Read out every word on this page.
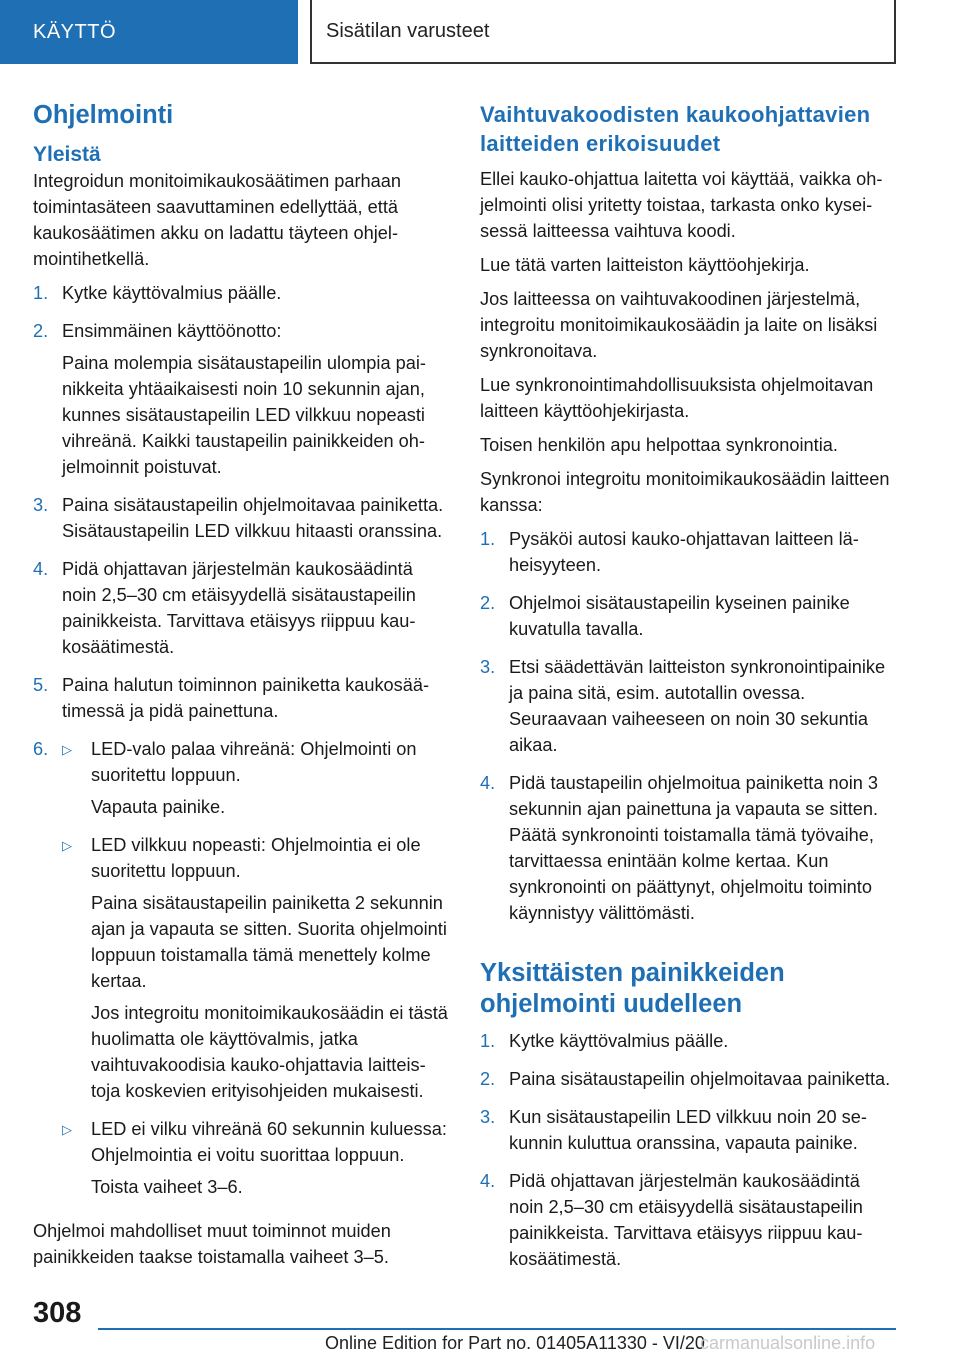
KÄYTTÖ	Sisätilan varusteet
Ohjelmointi
Yleistä

Integroidun monitoimikaukosäätimen parhaan toimintasäteen saavuttaminen edellyttää, että kaukosäätimen akku on ladattu täyteen ohjelmointihetkellä.

1. Kytke käyttövalmius päälle.

2. Ensimmäinen käyttöönotto:

Paina molempia sisätaustapeilin ulompia painikkeita yhtäaikaisesti noin 10 sekunnin ajan, kunnes sisätaustapeilin LED vilkkuu nopeasti vihreänä. Kaikki taustapeilin painikkeiden ohjelmoinnit poistuvat.

3. Paina sisätaustapeilin ohjelmoitavaa painiketta. Sisätaustapeilin LED vilkkuu hitaasti oranssina.

4. Pidä ohjattavan järjestelmän kaukosäädintä noin 2,5–30 cm etäisyydellä sisätaustapeilin painikkeista. Tarvittava etäisyys riippuu kaukosäätimestä.

5. Paina halutun toiminnon painiketta kaukosäätimessä ja pidä painettuna.

6.	▷	LED-valo palaa vihreänä: Ohjelmointi on suoritettu loppuun.

Vapauta painike.

▷	LED vilkkuu nopeasti: Ohjelmointia ei ole suoritettu loppuun.

Paina sisätaustapeilin painiketta 2 sekunnin ajan ja vapauta se sitten. Suorita ohjelmointi loppuun toistamalla tämä menettely kolme kertaa.

Jos integroitu monitoimikaukosäädin ei tästä huolimatta ole käyttövalmis, jatka vaihtuvakoodisia kauko-ohjattavia laitteistoja koskevien erityisohjeiden mukaisesti.

▷	LED ei vilku vihreänä 60 sekunnin kuluessa: Ohjelmointia ei voitu suorittaa loppuun.

Toista vaiheet 3–6.

Ohjelmoi mahdolliset muut toiminnot muiden painikkeiden taakse toistamalla vaiheet 3–5.

Vaihtuvakoodisten kaukoohjattavien laitteiden erikoisuudet

Ellei kauko-ohjattua laitetta voi käyttää, vaikka ohjelmointi olisi yritetty toistaa, tarkasta onko kyseisessä laitteessa vaihtuva koodi.

Lue tätä varten laitteiston käyttöohjekirja.

Jos laitteessa on vaihtuvakoodinen järjestelmä, integroitu monitoimikaukosäädin ja laite on lisäksi synkronoitava.

Lue synkronointimahdollisuuksista ohjelmoitavan laitteen käyttöohjekirjasta.

Toisen henkilön apu helpottaa synkronointia.

Synkronoi integroitu monitoimikaukosäädin laitteen kanssa:

1. Pysäköi autosi kauko-ohjattavan laitteen läheisyyteen.

2. Ohjelmoi sisätaustapeilin kyseinen painike kuvatulla tavalla.

3. Etsi säädettävän laitteiston synkronointipainike ja paina sitä, esim. autotallin ovessa. Seuraavaan vaiheeseen on noin 30 sekuntia aikaa.

4. Pidä taustapeilin ohjelmoitua painiketta noin 3 sekunnin ajan painettuna ja vapauta se sitten. Päätä synkronointi toistamalla tämä työvaihe, tarvittaessa enintään kolme kertaa. Kun synkronointi on päättynyt, ohjelmoitu toiminto käynnistyy välittömästi.

Yksittäisten painikkeiden ohjelmointi uudelleen
1. Kytke käyttövalmius päälle.

2. Paina sisätaustapeilin ohjelmoitavaa painiketta.

3. Kun sisätaustapeilin LED vilkkuu noin 20 sekunnin kuluttua oranssina, vapauta painike.

4. Pidä ohjattavan järjestelmän kaukosäädintä noin 2,5–30 cm etäisyydellä sisätaustapeilin painikkeista. Tarvittava etäisyys riippuu kaukosäätimestä.

308
Online Edition for Part no. 01405A11330 - VI/20
carmanualsonline.info
